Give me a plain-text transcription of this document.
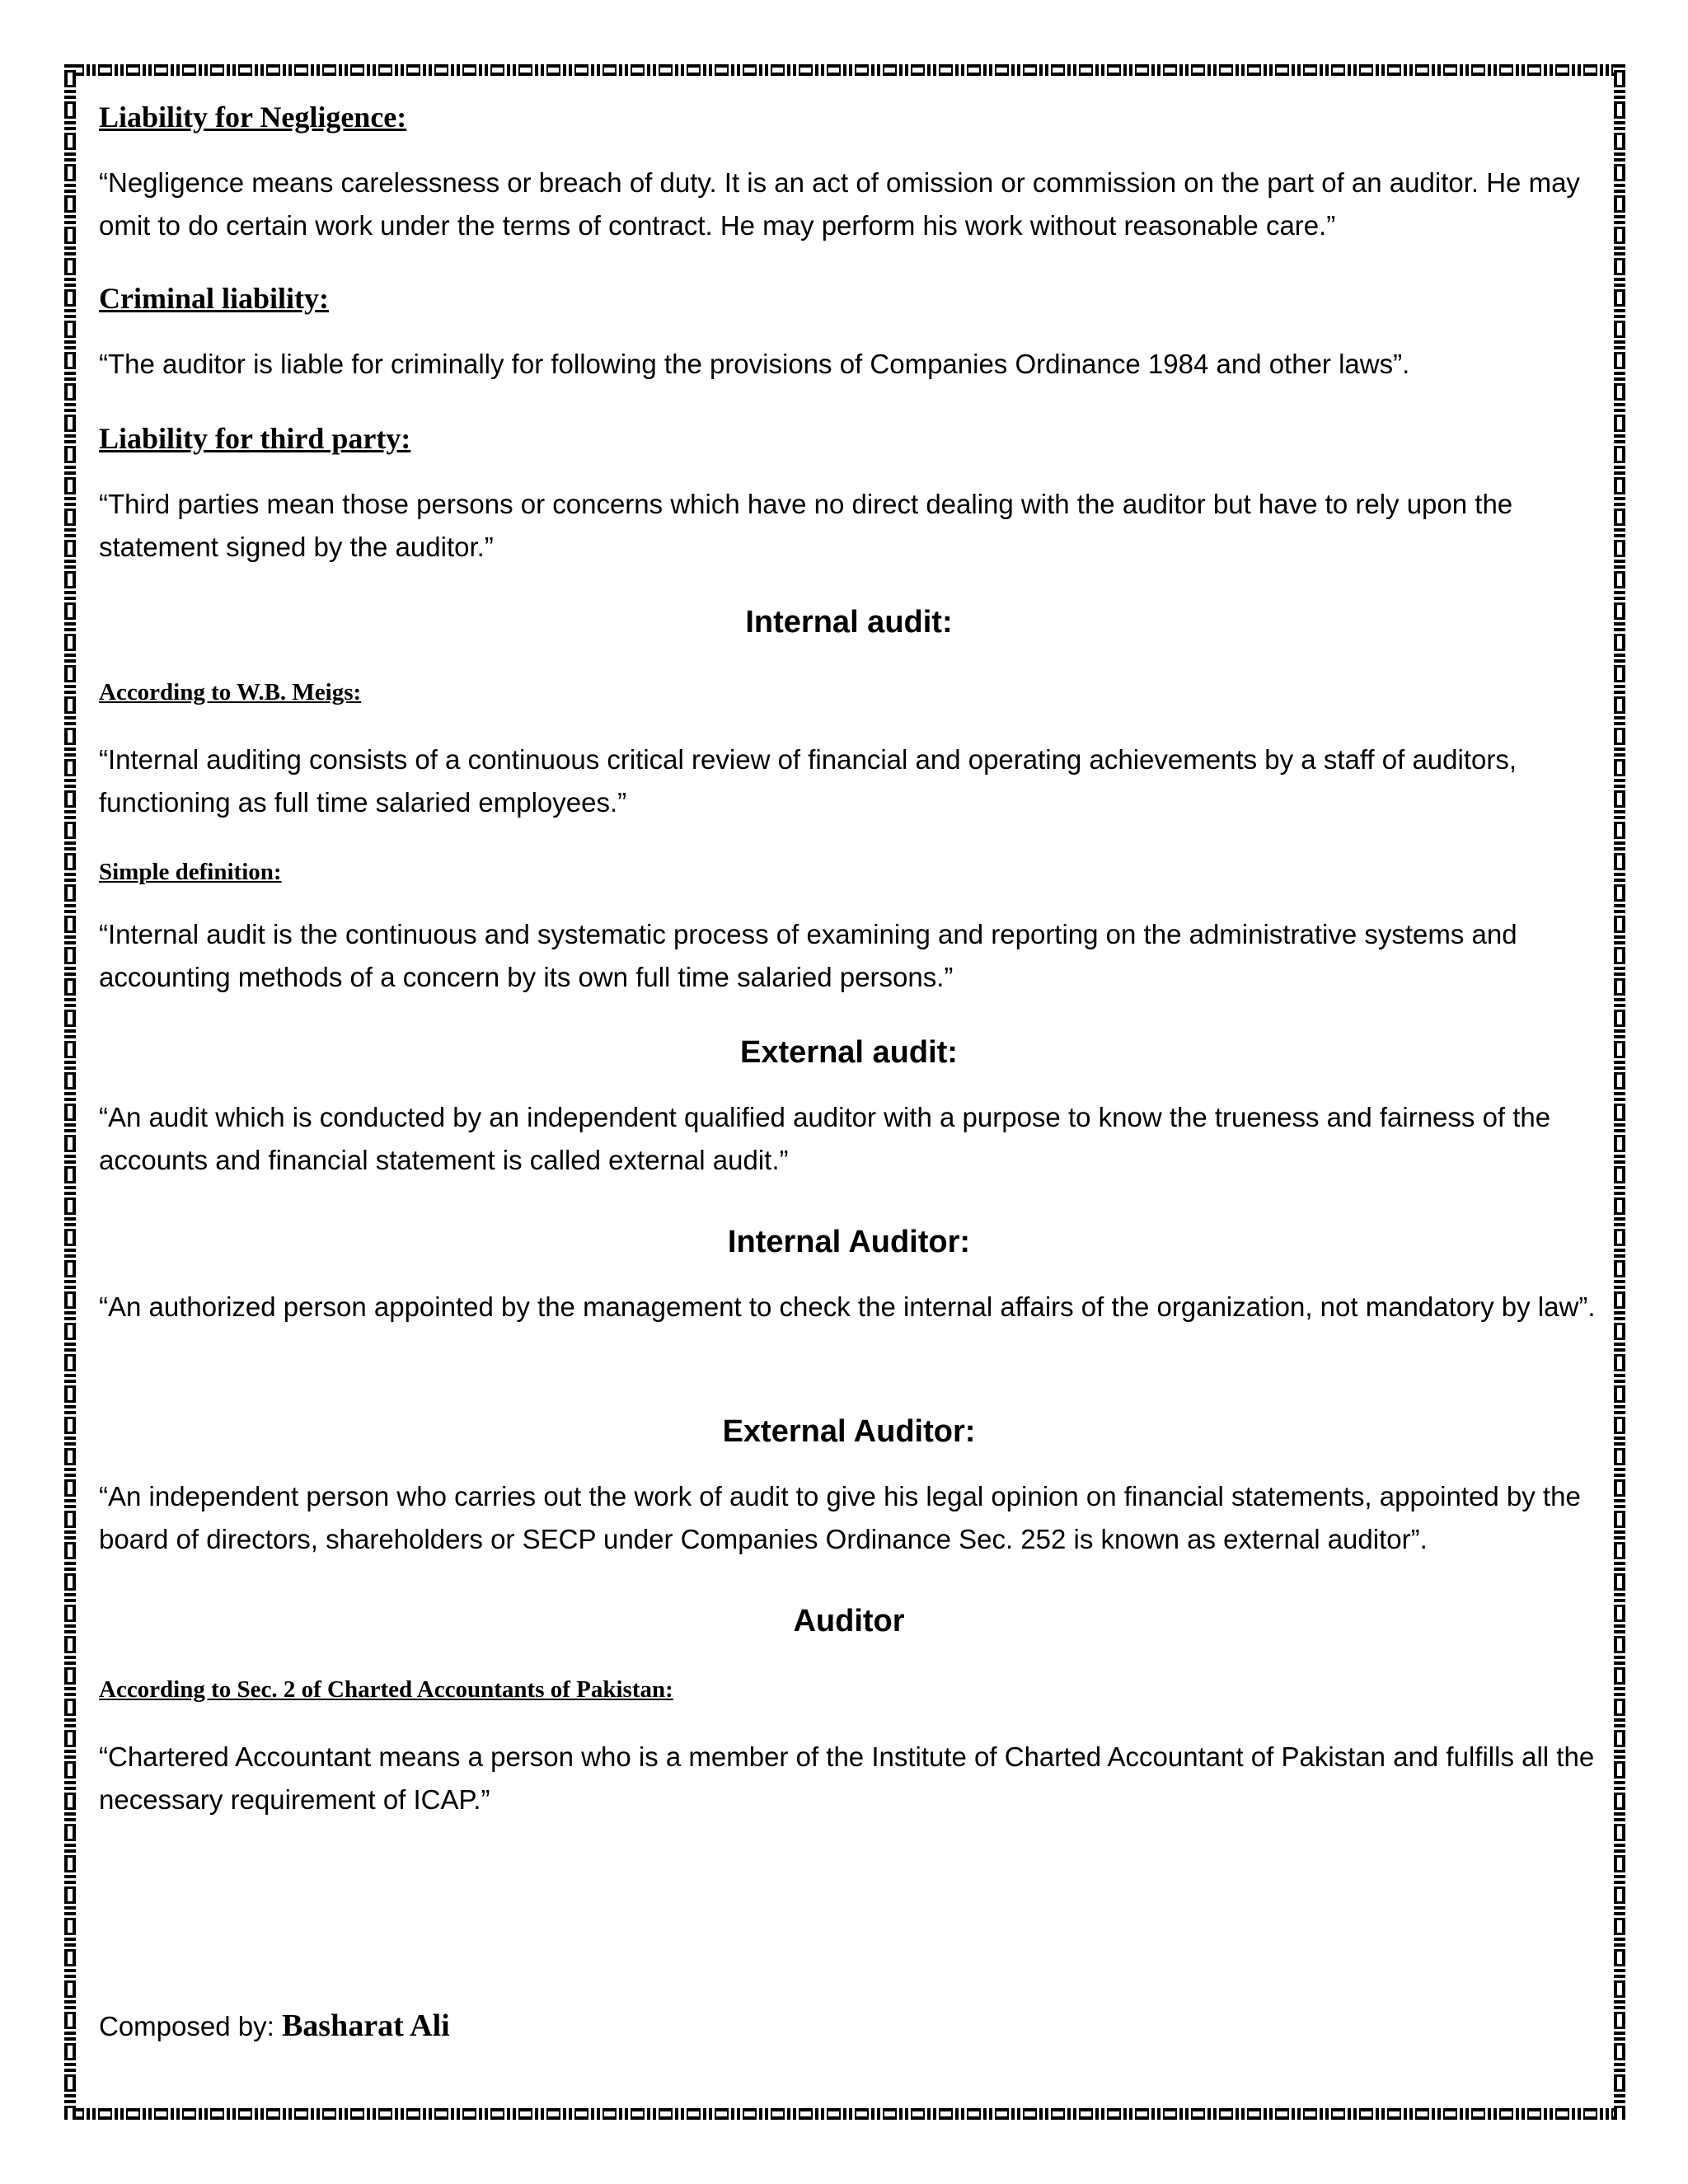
Liability for Negligence:

“Negligence means carelessness or breach of duty. It is an act of omission or commission on the part of an auditor. He may omit to do certain work under the terms of contract. He may perform his work without reasonable care.”

Criminal liability:

“The auditor is liable for criminally for following the provisions of Companies Ordinance 1984 and other laws”.

Liability for third party:

“Third parties mean those persons or concerns which have no direct dealing with the auditor but have to rely upon the statement signed by the auditor.”

Internal audit:

According to W.B. Meigs:

“Internal auditing consists of a continuous critical review of financial and operating achievements by a staff of auditors, functioning as full time salaried employees.”

Simple definition:

“Internal audit is the continuous and systematic process of examining and reporting on the administrative systems and accounting methods of a concern by its own full time salaried persons.”

External audit:

“An audit which is conducted by an independent qualified auditor with a purpose to know the trueness and fairness of the accounts and financial statement is called external audit.”

Internal Auditor:

“An authorized person appointed by the management to check the internal affairs of the organization, not mandatory by law”.

External Auditor:

“An independent person who carries out the work of audit to give his legal opinion on financial statements, appointed by the board of directors, shareholders or SECP under Companies Ordinance Sec. 252 is known as external auditor”.

Auditor

According to Sec. 2 of Charted Accountants of Pakistan:

“Chartered Accountant means a person who is a member of the Institute of Charted Accountant of Pakistan and fulfills all the necessary requirement of ICAP.”

Composed by: Basharat Ali
